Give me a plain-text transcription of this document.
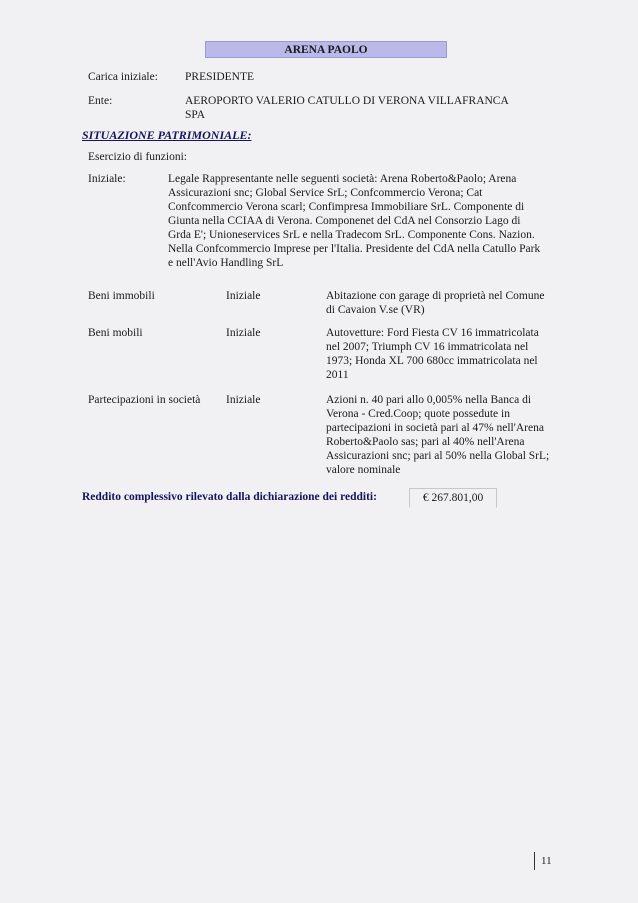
ARENA PAOLO
Carica iniziale: PRESIDENTE
Ente:	AEROPORTO VALERIO CATULLO DI VERONA VILLAFRANCA
SPA
SITUAZIONE PATRIMONIALE:
Esercizio di funzioni:
Iniziale:	Legale Rappresentante nelle seguenti società: Arena Roberto&Paolo; Arena
Assicurazioni snc; Global Service SrL; Confcommercio Verona; Cat
Confcommercio Verona scarl; Confimpresa Immobiliare SrL. Componente di
Giunta nella CCIAA di Verona. Componenet del CdA nel Consorzio Lago di
Grda E'; Unioneservices SrL e nella Tradecom SrL. Componente Cons. Nazion.
Nella Confcommercio Imprese per l'Italia. Presidente del CdA nella Catullo Park
e nell'Avio Handling SrL
Beni immobili	Iniziale	Abitazione con garage di proprietà nel Comune
di Cavaion V.se (VR)
Beni mobili	Iniziale	Autovetture: Ford Fiesta CV 16 immatricolata
nel 2007; Triumph CV 16 immatricolata nel
1973; Honda XL 700 680cc immatricolata nel
2011
Partecipazioni in società Iniziale	Azioni n. 40 pari allo 0,005% nella Banca di
Verona - Cred.Coop; quote possedute in
partecipazioni in società pari al 47% nell'Arena
Roberto&Paolo sas; pari al 40% nell'Arena
Assicurazioni snc; pari al 50% nella Global SrL;
valore nominale
Reddito complessivo rilevato dalla dichiarazione dei redditi:	€ 267.801,00
11
